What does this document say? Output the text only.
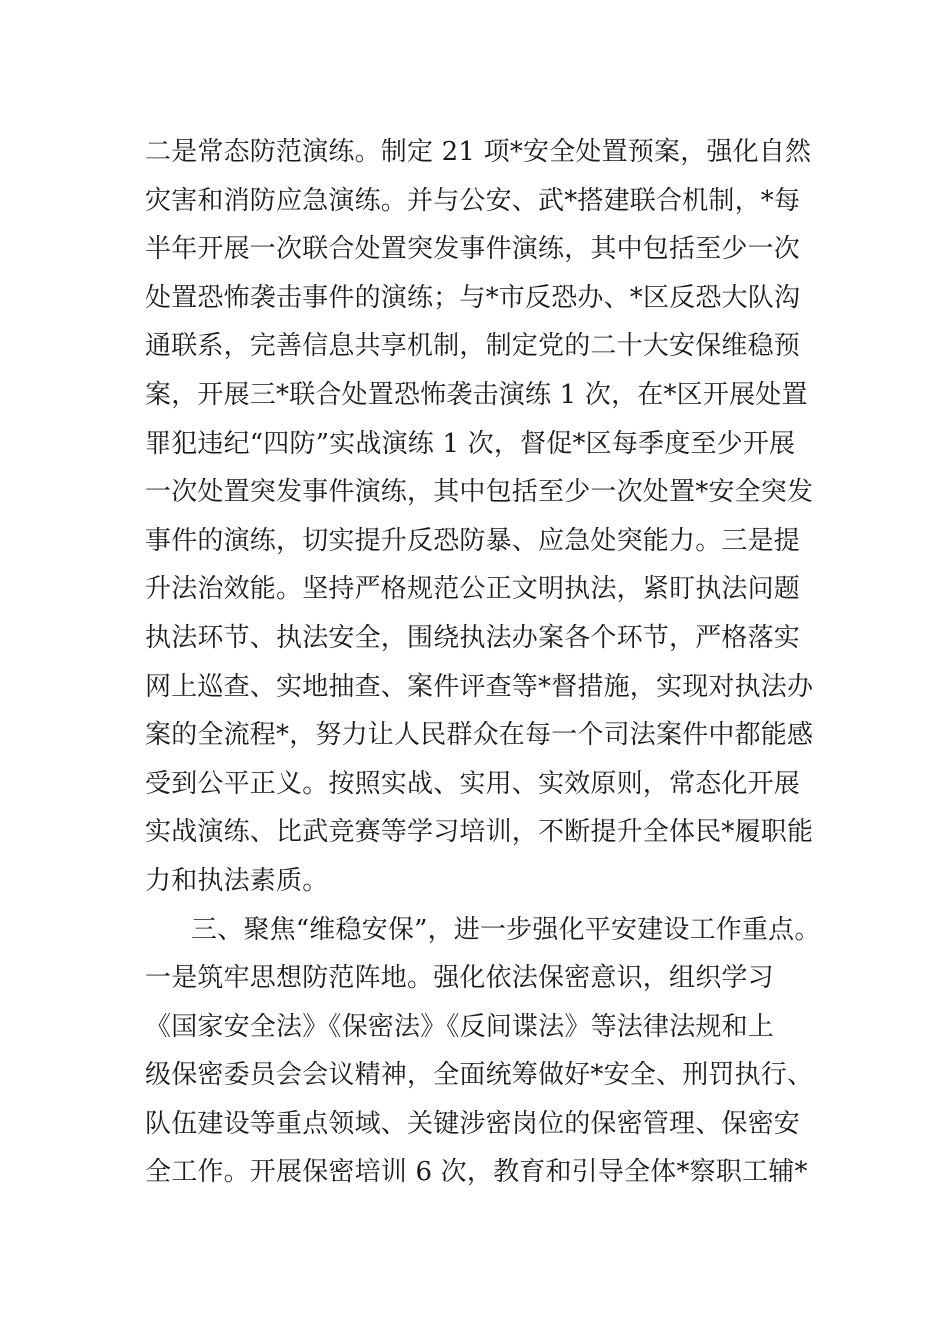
二是常态防范演练。制定 21 项*安全处置预案，强化自然
灾害和消防应急演练。并与公安、武*搭建联合机制，*每
半年开展一次联合处置突发事件演练，其中包括至少一次
处置恐怖袭击事件的演练；与*市反恐办、*区反恐大队沟
通联系，完善信息共享机制，制定党的二十大安保维稳预
案，开展三*联合处置恐怖袭击演练 1 次，在*区开展处置
罪犯违纪“四防”实战演练 1 次，督促*区每季度至少开展
一次处置突发事件演练，其中包括至少一次处置*安全突发
事件的演练，切实提升反恐防暴、应急处突能力。三是提
升法治效能。坚持严格规范公正文明执法，紧盯执法问题
执法环节、执法安全，围绕执法办案各个环节，严格落实
网上巡查、实地抽查、案件评查等*督措施，实现对执法办
案的全流程*，努力让人民群众在每一个司法案件中都能感
受到公平正义。按照实战、实用、实效原则，常态化开展
实战演练、比武竞赛等学习培训，不断提升全体民*履职能
力和执法素质。
三、聚焦“维稳安保”，进一步强化平安建设工作重点。
一是筑牢思想防范阵地。强化依法保密意识，组织学习
《国家安全法》《保密法》《反间谍法》等法律法规和上
级保密委员会会议精神，全面统筹做好*安全、刑罚执行、
队伍建设等重点领域、关键涉密岗位的保密管理、保密安
全工作。开展保密培训 6 次，教育和引导全体*察职工辅*
